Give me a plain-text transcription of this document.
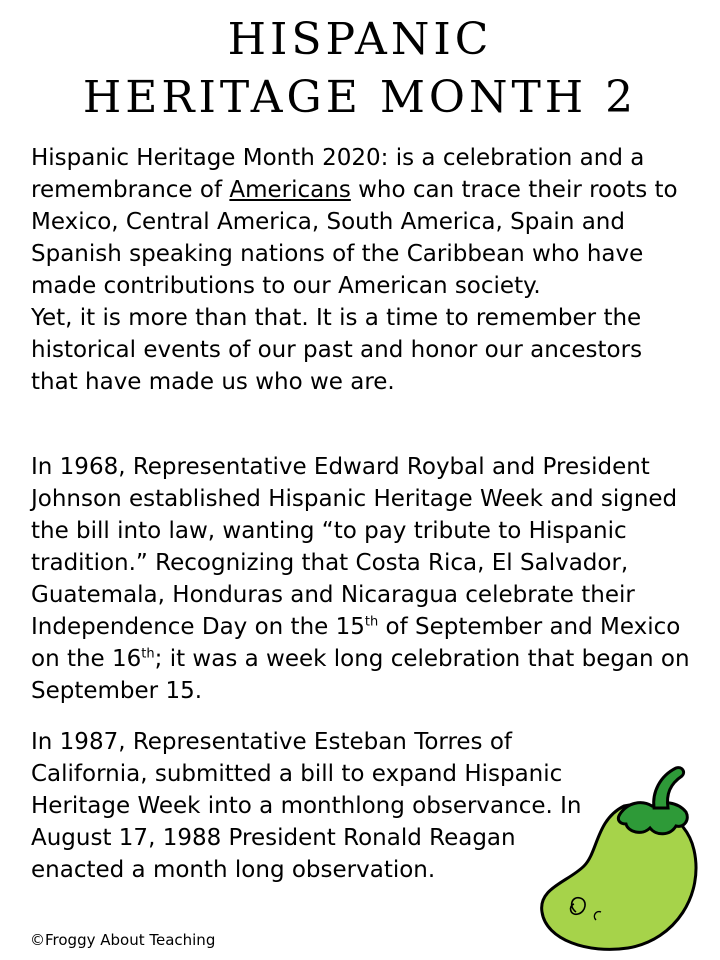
HISPANIC
HERITAGE MONTH 2
Hispanic Heritage Month 2020: is a celebration and a remembrance of Americans who can trace their roots to Mexico, Central America, South America, Spain and Spanish speaking nations of the Caribbean who have made contributions to our American society.
Yet, it is more than that. It is a time to remember the historical events of our past and honor our ancestors that have made us who we are.
In 1968, Representative Edward Roybal and President Johnson established Hispanic Heritage Week and signed the bill into law, wanting “to pay tribute to Hispanic tradition.” Recognizing that Costa Rica, El Salvador, Guatemala, Honduras and Nicaragua celebrate their Independence Day on the 15th of September and Mexico on the 16th; it was a week long celebration that began on September 15.
In 1987, Representative Esteban Torres of California, submitted a bill to expand Hispanic Heritage Week into a monthlong observance. In August 17, 1988 President Ronald Reagan enacted a month long observation.
©Froggy About Teaching
